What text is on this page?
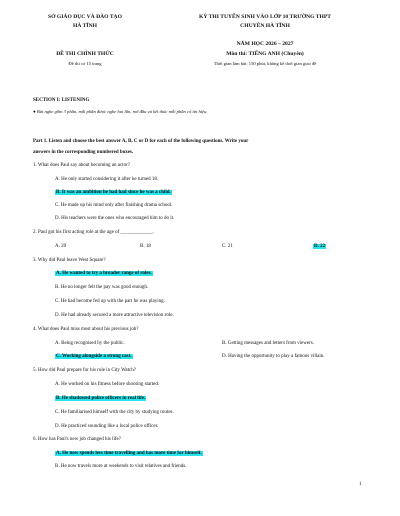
SỞ GIÁO DỤC VÀ ĐÀO TẠO
HÀ TĨNH
KỲ THI TUYỂN SINH VÀO LỚP 10 TRƯỜNG THPT
CHUYÊN HÀ TĨNH
NĂM HỌC 2026 – 2027
ĐỀ THI CHÍNH THỨC	Môn thi: TIẾNG ANH (Chuyên)
Đề thi có 15 trang	Thời gian làm bài: 150 phút, không kể thời gian giao đề
SECTION I: LISTENING
● Bài nghe gồm 3 phần, mỗi phần được nghe hai lần, mở đầu và kết thúc mỗi phần có tín hiệu.
Part 1. Listen and choose the best answer A, B, C or D for each of the following questions. Write your
answers in the corresponding numbered boxes.
1. What does Paul say about becoming an actor?
A. He only started considering it after he turned 18.
B. It was an ambition he had had since he was a child.
C. He made up his mind only after finishing drama school.
D. His teachers were the ones who encouraged him to do it.
2. Paul got his first acting role at the age of _____________.
A. 20	B. 18	C. 21	D. 22
3. Why did Paul leave West Square?
A. He wanted to try a broader range of roles.
B. He no longer felt the pay was good enough.
C. He had become fed up with the part he was playing.
D. He had already secured a more attractive television role.
4. What does Paul miss most about his previous job?
A. Being recognised by the public.	B. Getting messages and letters from viewers.
C. Working alongside a strong cast.	D. Having the opportunity to play a famous villain.
5. How did Paul prepare for his role in City Watch?
A. He worked on his fitness before shooting started.
B. He shadowed police officers in real life.
C. He familiarised himself with the city by studying routes.
D. He practiced sounding like a local police officer.
6. How has Paul's new job changed his life?
A. He now spends less time travelling and has more time for himself.
B. He now travels more at weekends to visit relatives and friends.
1
